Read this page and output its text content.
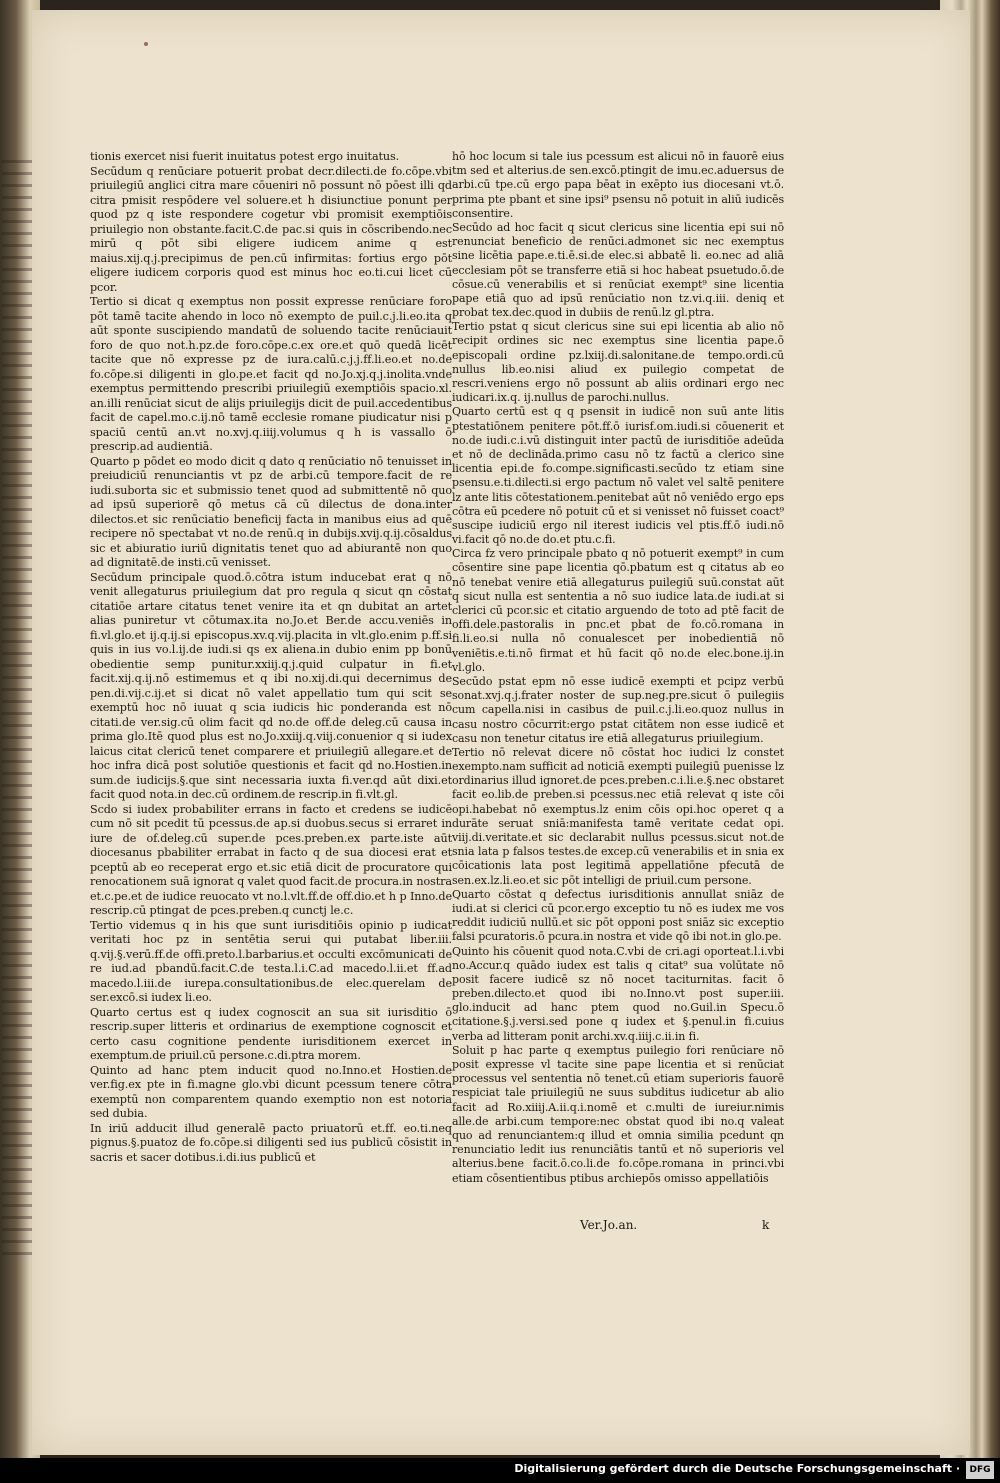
tionis exercet nisi fuerit inuitatus potest ergo inuitatus.

Secūdum q renūciare potuerit probat decr.dilecti.de fo.cōpe.vbi priuilegiū anglici citra mare cōueniri nō possunt nō pōest illi qd citra pmisit respōdere vel soluere.et h disiunctiue ponunt per quod pz q iste respondere cogetur vbi promisit exemptiōis priuilegio non obstante.facit.C.de pac.si quis in cōscribendo.nec mirū q pōt sibi eligere iudicem anime q est maius.xij.q.j.precipimus de pen.cū infirmitas: fortius ergo pōt eligere iudicem corporis quod est minus hoc eo.ti.cui licet cū pcor.

Tertio si dicat q exemptus non possit expresse renūciare foro pōt tamē tacite ahendo in loco nō exempto de puil.c.j.li.eo.ita q aūt sponte suscipiendo mandatū de soluendo tacite renūciauit foro de quo not.h.pz.de foro.cōpe.c.ex ore.et quō quedā licēt tacite que nō expresse pz de iura.calū.c.j.j.ff.li.eo.et no.de fo.cōpe.si diligenti in glo.pe.et facit qd no.Jo.xj.q.j.inolita.vnde exemptus permittendo prescribi priuilegiū exemptiōis spacio.xl. an.illi renūciat sicut de alijs priuilegijs dicit de puil.accedentibus facit de capel.mo.c.ij.nō tamē ecclesie romane piudicatur nisi p spaciū centū an.vt no.xvj.q.iiij.volumus q h is vassallo ō prescrip.ad audientiā.

Quarto p pōdet eo modo dicit q dato q renūciatio nō tenuisset in preiudiciū renunciantis vt pz de arbi.cū tempore.facit de re iudi.suborta sic et submissio tenet quod ad submittentē nō quo ad ipsū superiorē qō metus cā cū dilectus de dona.inter dilectos.et sic renūciatio beneficij facta in manibus eius ad quē recipere nō spectabat vt no.de renū.q in dubijs.xvij.q.ij.cōsaldus sic et abiuratio iuriū dignitatis tenet quo ad abiurantē non quo ad dignitatē.de insti.cū venisset.

Secūdum principale quod.ō.cōtra istum inducebat erat q nō venit allegaturus priuilegium dat pro regula q sicut qn cōstat citatiōe artare citatus tenet venire ita et qn dubitat an artet alias puniretur vt cōtumax.ita no.Jo.et Ber.de accu.veniēs in fi.vl.glo.et ij.q.ij.si episcopus.xv.q.vij.placita in vlt.glo.enim p.ff.si quis in ius vo.l.ij.de iudi.si qs ex aliena.in dubio enim pp bonū obedientie semp punitur.xxiij.q.j.quid culpatur in fi.et facit.xij.q.ij.nō estimemus et q ibi no.xij.di.qui decernimus de pen.di.vij.c.ij.et si dicat nō valet appellatio tum qui scit se exemptū hoc nō iuuat q scia iudicis hic ponderanda est nō citati.de ver.sig.cū olim facit qd no.de off.de deleg.cū causa in prima glo.Itē quod plus est no.Jo.xxiij.q.viij.conuenior q si iudex laicus citat clericū tenet comparere et priuilegiū allegare.et de hoc infra dicā post solutiōe questionis et facit qd no.Hostien.in sum.de iudicijs.§.que sint necessaria iuxta fi.ver.qd aūt dixi.et facit quod nota.in dec.cū ordinem.de rescrip.in fi.vlt.gl.

Scdo si iudex probabiliter errans in facto et credens se iudicē cum nō sit pcedit tū pcessus.de ap.si duobus.secus si erraret in iure de of.deleg.cū super.de pces.preben.ex parte.iste aūt diocesanus pbabiliter errabat in facto q de sua diocesi erat et pceptū ab eo receperat ergo et.sic etiā dicit de procuratore qui renocationem suā ignorat q valet quod facit.de procura.in nostra et.c.pe.et de iudice reuocato vt no.l.vlt.ff.de off.dio.et h p Inno.de rescrip.cū ptingat de pces.preben.q cunctj le.c.

Tertio videmus q in his que sunt iurisditiōis opinio p iudicat veritati hoc pz in sentētia serui qui putabat liber.iii. q.vij.§.verū.ff.de offi.preto.l.barbarius.et occulti excōmunicati de re iud.ad pbandū.facit.C.de testa.l.i.C.ad macedo.l.ii.et ff.ad macedo.l.iii.de iurepa.consultationibus.de elec.querelam de ser.excō.si iudex li.eo.

Quarto certus est q iudex cognoscit an sua sit iurisditio ō rescrip.super litteris et ordinarius de exemptione cognoscit et certo casu cognitione pendente iurisditionem exercet in exemptum.de priuil.cū persone.c.di.ptra morem.

Quinto ad hanc ptem inducit quod no.Inno.et Hostien.de ver.fig.ex pte in fi.magne glo.vbi dicunt pcessum tenere cōtra exemptū non comparentem quando exemptio non est notoria sed dubia.

In iriū adducit illud generalē pacto priuatorū et.ff. eo.ti.neq pignus.§.puatoz de fo.cōpe.si diligenti sed ius publicū cōsistit in sacris et sacer dotibus.i.di.ius publicū et

hō hoc locum si tale ius pcessum est alicui nō in fauorē eius tm sed et alterius.de sen.excō.ptingit de imu.ec.aduersus de arbi.cū tpe.cū ergo papa bēat in exēpto ius diocesani vt.ō. prima pte pbant et sine ipsi⁹ psensu nō potuit in aliū iudicēs consentire.

Secūdo ad hoc facit q sicut clericus sine licentia epi sui nō renunciat beneficio de renūci.admonet sic nec exemptus sine licētia pape.e.ti.ē.si.de elec.si abbatē li. eo.nec ad aliā ecclesiam pōt se transferre etiā si hoc habeat psuetudo.ō.de cōsue.cū venerabilis et si renūciat exempt⁹ sine licentia pape etiā quo ad ipsū renūciatio non tz.vi.q.iii. deniq et probat tex.dec.quod in dubiis de renū.lz gl.ptra.

Tertio pstat q sicut clericus sine sui epi licentia ab alio nō recipit ordines sic nec exemptus sine licentia pape.ō episcopali ordine pz.lxiij.di.salonitane.de tempo.ordi.cū nullus lib.eo.nisi aliud ex puilegio competat de rescri.veniens ergo nō possunt ab aliis ordinari ergo nec iudicari.ix.q. ij.nullus de parochi.nullus.

Quarto certū est q q psensit in iudicē non suū ante litis ptestatiōnem penitere pōt.ff.ō iurisf.om.iudi.si cōuenerit et no.de iudi.c.i.vū distinguit inter pactū de iurisditiōe adeūda et nō de declināda.primo casu nō tz factū a clerico sine licentia epi.de fo.compe.significasti.secūdo tz etiam sine psensu.e.ti.dilecti.si ergo pactum nō valet vel saltē penitere lz ante litis cōtestationem.penitebat aūt nō veniēdo ergo eps cōtra eū pcedere nō potuit cū et si venisset nō fuisset coact⁹ suscipe iudiciū ergo nil iterest iudicis vel ptis.ff.ō iudi.nō vi.facit qō no.de do.et ptu.c.fi.

Circa fz vero principale pbato q nō potuerit exempt⁹ in cum cōsentire sine pape licentia qō.pbatum est q citatus ab eo nō tenebat venire etiā allegaturus puilegiū suū.constat aūt q sicut nulla est sententia a nō suo iudice lata.de iudi.at si clerici cū pcor.sic et citatio arguendo de toto ad ptē facit de offi.dele.pastoralis in pnc.et pbat de fo.cō.romana in fi.li.eo.si nulla nō conualescet per inobedientiā nō veniētis.e.ti.nō firmat et hū facit qō no.de elec.bone.ij.in vl.glo.

Secūdo pstat epm nō esse iudicē exempti et pcipz verbū sonat.xvj.q.j.frater noster de sup.neg.pre.sicut ō puilegiis cum capella.nisi in casibus de puil.c.j.li.eo.quoz nullus in casu nostro cōcurrit:ergo pstat citātem non esse iudicē et casu non tenetur citatus ire etiā allegaturus priuilegium.

Tertio nō relevat dicere nō cōstat hoc iudici lz constet exempto.nam sufficit ad noticiā exempti puilegiū puenisse lz ordinarius illud ignoret.de pces.preben.c.i.li.e.§.nec obstaret facit eo.lib.de preben.si pcessus.nec etiā relevat q iste cōi opi.habebat nō exemptus.lz enim cōis opi.hoc operet q a durāte seruat sniā:manifesta tamē veritate cedat opi. viij.di.veritate.et sic declarabit nullus pcessus.sicut not.de snia lata p falsos testes.de excep.cū venerabilis et in snia ex cōicationis lata post legitimā appellatiōne pfecutā de sen.ex.lz.li.eo.et sic pōt intelligi de priuil.cum persone.

Quarto cōstat q defectus iurisditionis annullat sniāz de iudi.at si clerici cū pcor.ergo exceptio tu nō es iudex me vos reddit iudiciū nullū.et sic pōt opponi post sniāz sic exceptio falsi pcuratoris.ō pcura.in nostra et vide qō ibi not.in glo.pe.

Quinto his cōuenit quod nota.C.vbi de cri.agi oporteat.l.i.vbi no.Accur.q quādo iudex est talis q citat⁹ sua volūtate nō posit facere iudicē sz nō nocet taciturnitas. facit ō preben.dilecto.et quod ibi no.Inno.vt post super.iii. glo.inducit ad hanc ptem quod no.Guil.in Specu.ō citatione.§.j.versi.sed pone q iudex et §.penul.in fi.cuius verba ad litteram ponit archi.xv.q.iiij.c.ii.in fi.

Soluit p hac parte q exemptus puilegio fori renūciare nō posit expresse vl tacite sine pape licentia et si renūciat processus vel sententia nō tenet.cū etiam superioris fauorē respiciat tale priuilegiū ne suus subditus iudicetur ab alio facit ad Ro.xiiij.A.ii.q.i.nomē et c.multi de iureiur.nimis alle.de arbi.cum tempore:nec obstat quod ibi no.q valeat quo ad renunciantem:q illud et omnia similia pcedunt qn renunciatio ledit ius renunciātis tantū et nō superioris vel alterius.bene facit.ō.co.li.de fo.cōpe.romana in princi.vbi etiam cōsentientibus ptibus archiepōs omisso appellatiōis

Ver.Jo.an.	k
Digitalisierung gefördert durch die Deutsche Forschungsgemeinschaft ·	DFG
